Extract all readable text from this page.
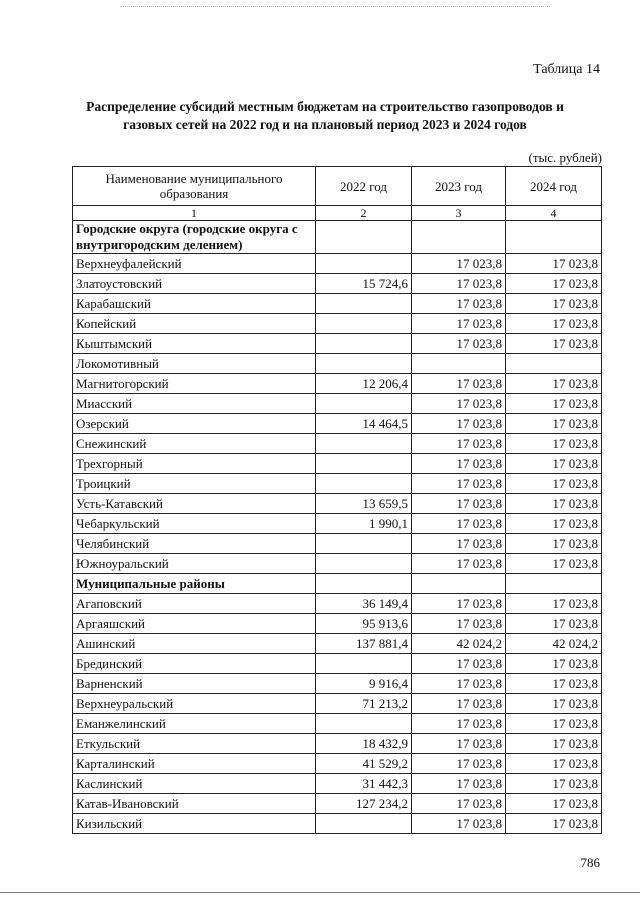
Таблица 14
Распределение субсидий местным бюджетам на строительство газопроводов и газовых сетей на 2022 год и на плановый период 2023 и 2024 годов
(тыс. рублей)
Наименование муниципального образования	2022 год	2023 год	2024 год
1	2	3	4
Городские округа (городские округа с внутригородским делением)			
Верхнеуфалейский		17 023,8	17 023,8
Златоустовский	15 724,6	17 023,8	17 023,8
Карабашский		17 023,8	17 023,8
Копейский		17 023,8	17 023,8
Кыштымский		17 023,8	17 023,8
Локомотивный			
Магнитогорский	12 206,4	17 023,8	17 023,8
Миасский		17 023,8	17 023,8
Озерский	14 464,5	17 023,8	17 023,8
Снежинский		17 023,8	17 023,8
Трехгорный		17 023,8	17 023,8
Троицкий		17 023,8	17 023,8
Усть-Катавский	13 659,5	17 023,8	17 023,8
Чебаркульский	1 990,1	17 023,8	17 023,8
Челябинский		17 023,8	17 023,8
Южноуральский		17 023,8	17 023,8
Муниципальные районы			
Агаповский	36 149,4	17 023,8	17 023,8
Аргаяшский	95 913,6	17 023,8	17 023,8
Ашинский	137 881,4	42 024,2	42 024,2
Брединский		17 023,8	17 023,8
Варненский	9 916,4	17 023,8	17 023,8
Верхнеуральский	71 213,2	17 023,8	17 023,8
Еманжелинский		17 023,8	17 023,8
Еткульский	18 432,9	17 023,8	17 023,8
Карталинский	41 529,2	17 023,8	17 023,8
Каслинский	31 442,3	17 023,8	17 023,8
Катав-Ивановский	127 234,2	17 023,8	17 023,8
Кизильский		17 023,8	17 023,8
786
